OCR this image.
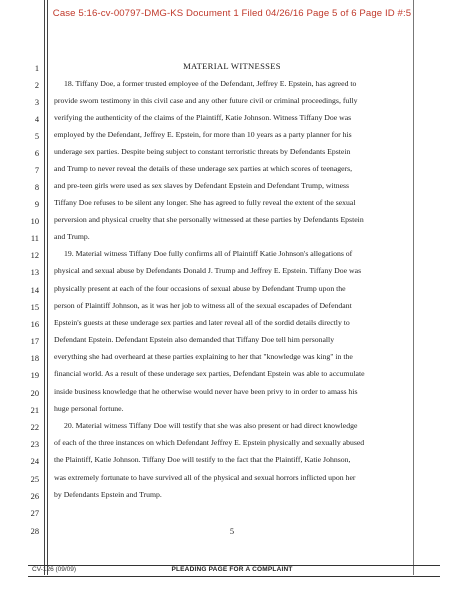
Case 5:16-cv-00797-DMG-KS Document 1 Filed 04/26/16 Page 5 of 6 Page ID #:5
1
2
3
4
5
6
7
8
9
10
11
12
13
14
15
16
17
18
19
20
21
22
23
24
25
26
27
28
MATERIAL WITNESSES
18. Tiffany Doe, a former trusted employee of the Defendant, Jeffrey E. Epstein, has agreed to
provide sworn testimony in this civil case and any other future civil or criminal proceedings, fully
verifying the authenticity of the claims of the Plaintiff, Katie Johnson. Witness Tiffany Doe was
employed by the Defendant, Jeffrey E. Epstein, for more than 10 years as a party planner for his
underage sex parties. Despite being subject to constant terroristic threats by Defendants Epstein
and Trump to never reveal the details of these underage sex parties at which scores of teenagers,
and pre-teen girls were used as sex slaves by Defendant Epstein and Defendant Trump, witness
Tiffany Doe refuses to be silent any longer. She has agreed to fully reveal the extent of the sexual
perversion and physical cruelty that she personally witnessed at these parties by Defendants Epstein
and Trump.
19. Material witness Tiffany Doe fully confirms all of Plaintiff Katie Johnson's allegations of
physical and sexual abuse by Defendants Donald J. Trump and Jeffrey E. Epstein. Tiffany Doe was
physically present at each of the four occasions of sexual abuse by Defendant Trump upon the
person of Plaintiff Johnson, as it was her job to witness all of the sexual escapades of Defendant
Epstein's guests at these underage sex parties and later reveal all of the sordid details directly to
Defendant Epstein. Defendant Epstein also demanded that Tiffany Doe tell him personally
everything she had overheard at these parties explaining to her that "knowledge was king" in the
financial world. As a result of these underage sex parties, Defendant Epstein was able to accumulate
inside business knowledge that he otherwise would never have been privy to in order to amass his
huge personal fortune.
20. Material witness Tiffany Doe will testify that she was also present or had direct knowledge
of each of the three instances on which Defendant Jeffrey E. Epstein physically and sexually abused
the Plaintiff, Katie Johnson. Tiffany Doe will testify to the fact that the Plaintiff, Katie Johnson,
was extremely fortunate to have survived all of the physical and sexual horrors inflicted upon her
by Defendants Epstein and Trump.
5
CV-126 (09/09)	PLEADING PAGE FOR A COMPLAINT
